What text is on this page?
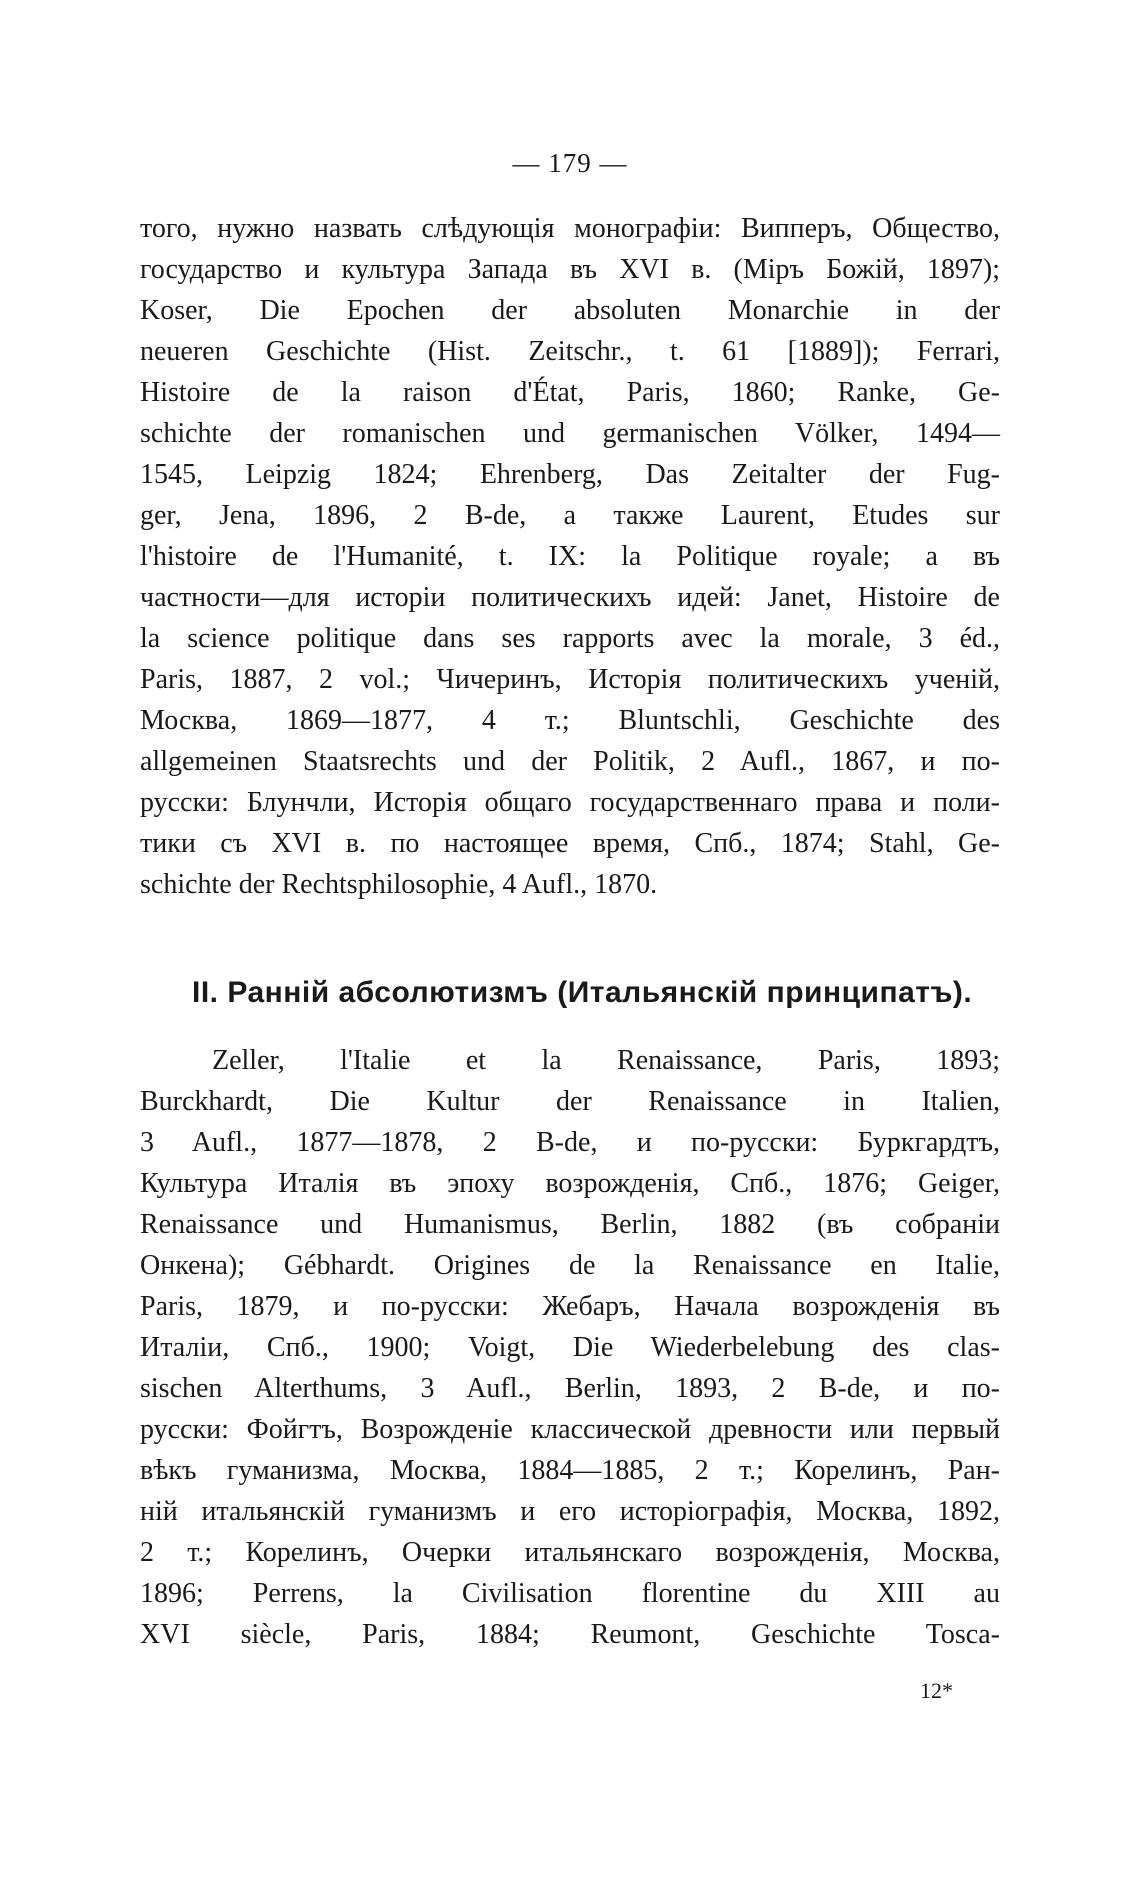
— 179 —
того, нужно назвать слѣдующія монографіи: Випперъ, Общество,
государство и культура Запада въ XVI в. (Міръ Божій, 1897);
Koser, Die Epochen der absoluten Monarchie in der
neueren Geschichte (Hist. Zeitschr., t. 61 [1889]); Ferrari,
Histoire de la raison d'État, Paris, 1860; Ranke, Ge-
schichte der romanischen und germanischen Völker, 1494—
1545, Leipzig 1824; Ehrenberg, Das Zeitalter der Fug-
ger, Jena, 1896, 2 B-de, а также Laurent, Etudes sur
l'histoire de l'Humanité, t. IX: la Politique royale; а въ
частности—для исторіи политическихъ идей: Janet, Histoire de
la science politique dans ses rapports avec la morale, 3 éd.,
Paris, 1887, 2 vol.; Чичеринъ, Исторія политическихъ ученій,
Москва, 1869—1877, 4 т.; Bluntschli, Geschichte des
allgemeinen Staatsrechts und der Politik, 2 Aufl., 1867, и по-
русски: Блунчли, Исторія общаго государственнаго права и поли-
тики съ XVI в. по настоящее время, Спб., 1874; Stahl, Ge-
schichte der Rechtsphilosophie, 4 Aufl., 1870.
II. Ранній абсолютизмъ (Итальянскій принципатъ).
Zeller, l'Italie et la Renaissance, Paris, 1893;
Burckhardt, Die Kultur der Renaissance in Italien,
3 Aufl., 1877—1878, 2 B-de, и по-русски: Буркгардтъ,
Культура Италія въ эпоху возрожденія, Спб., 1876; Geiger,
Renaissance und Humanismus, Berlin, 1882 (въ собраніи
Онкена); Gébhardt. Origines de la Renaissance en Italie,
Paris, 1879, и по-русски: Жебаръ, Начала возрожденія въ
Италіи, Спб., 1900; Voigt, Die Wiederbelebung des clas-
sischen Alterthums, 3 Aufl., Berlin, 1893, 2 B-de, и по-
русски: Фойгтъ, Возрожденіе классической древности или первый
вѣкъ гуманизма, Москва, 1884—1885, 2 т.; Корелинъ, Ран-
ній итальянскій гуманизмъ и его исторіографія, Москва, 1892,
2 т.; Корелинъ, Очерки итальянскаго возрожденія, Москва,
1896; Perrens, la Civilisation florentine du XIII au
XVI siècle, Paris, 1884; Reumont, Geschichte Tosca-
12*
